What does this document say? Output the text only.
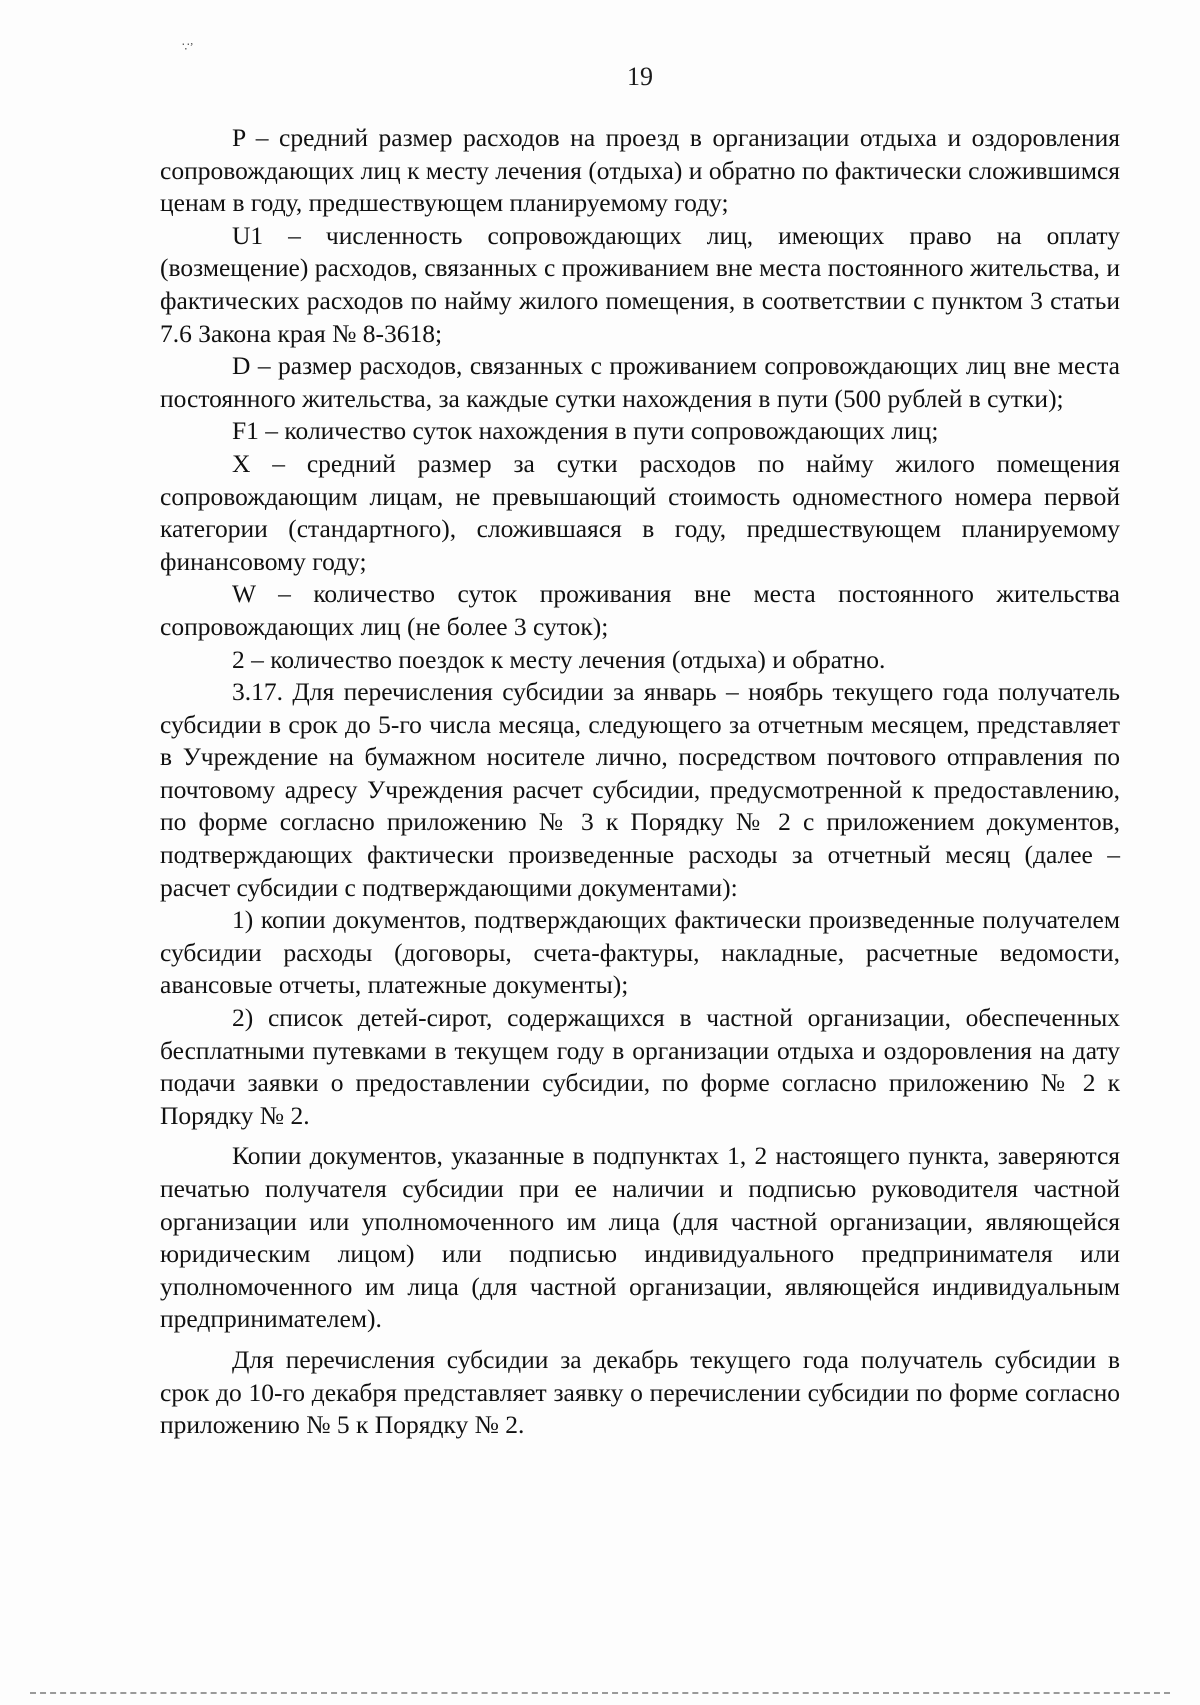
∵ʼ
19

P – средний размер расходов на проезд в организации отдыха и оздоровления сопровождающих лиц к месту лечения (отдыха) и обратно по фактически сложившимся ценам в году, предшествующем планируемому году;

U1 – численность сопровождающих лиц, имеющих право на оплату (возмещение) расходов, связанных с проживанием вне места постоянного жительства, и фактических расходов по найму жилого помещения, в соответствии с пунктом 3 статьи 7.6 Закона края № 8-3618;

D – размер расходов, связанных с проживанием сопровождающих лиц вне места постоянного жительства, за каждые сутки нахождения в пути (500 рублей в сутки);

F1 – количество суток нахождения в пути сопровождающих лиц;

X – средний размер за сутки расходов по найму жилого помещения сопровождающим лицам, не превышающий стоимость одноместного номера первой категории (стандартного), сложившаяся в году, предшествующем планируемому финансовому году;

W – количество суток проживания вне места постоянного жительства сопровождающих лиц (не более 3 суток);

2 – количество поездок к месту лечения (отдыха) и обратно.

3.17. Для перечисления субсидии за январь – ноябрь текущего года получатель субсидии в срок до 5-го числа месяца, следующего за отчетным месяцем, представляет в Учреждение на бумажном носителе лично, посредством почтового отправления по почтовому адресу Учреждения расчет субсидии, предусмотренной к предоставлению, по форме согласно приложению № 3 к Порядку № 2 с приложением документов, подтверждающих фактически произведенные расходы за отчетный месяц (далее – расчет субсидии с подтверждающими документами):

1) копии документов, подтверждающих фактически произведенные получателем субсидии расходы (договоры, счета-фактуры, накладные, расчетные ведомости, авансовые отчеты, платежные документы);

2) список детей-сирот, содержащихся в частной организации, обеспеченных бесплатными путевками в текущем году в организации отдыха и оздоровления на дату подачи заявки о предоставлении субсидии, по форме согласно приложению № 2 к Порядку № 2.

Копии документов, указанные в подпунктах 1, 2 настоящего пункта, заверяются печатью получателя субсидии при ее наличии и подписью руководителя частной организации или уполномоченного им лица (для частной организации, являющейся юридическим лицом) или подписью индивидуального предпринимателя или уполномоченного им лица (для частной организации, являющейся индивидуальным предпринимателем).

Для перечисления субсидии за декабрь текущего года получатель субсидии в срок до 10-го декабря представляет заявку о перечислении субсидии по форме согласно приложению № 5 к Порядку № 2.
